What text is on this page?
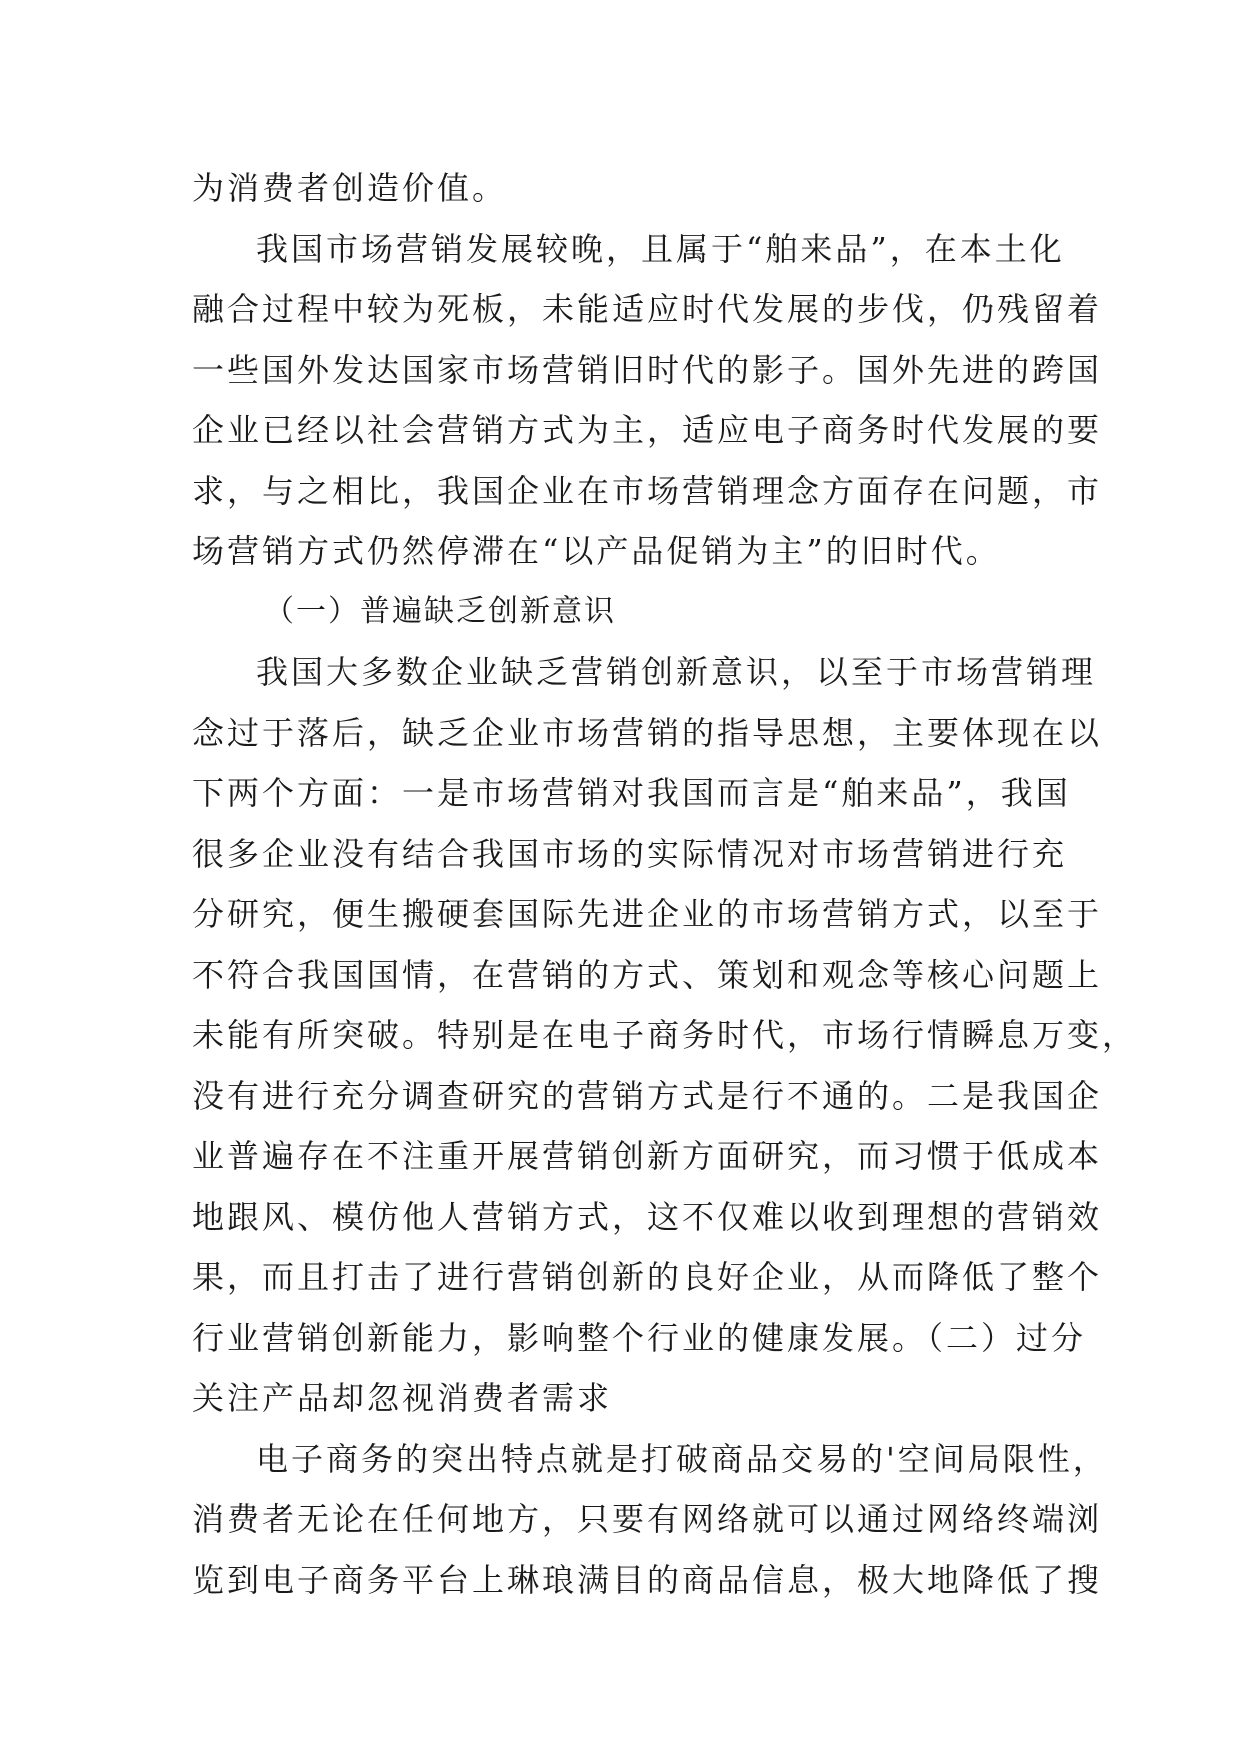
为消费者创造价值。
我国市场营销发展较晚，且属于“舶来品”，在本土化
融合过程中较为死板，未能适应时代发展的步伐，仍残留着
一些国外发达国家市场营销旧时代的影子。国外先进的跨国
企业已经以社会营销方式为主，适应电子商务时代发展的要
求，与之相比，我国企业在市场营销理念方面存在问题，市
场营销方式仍然停滞在“以产品促销为主”的旧时代。
（一）普遍缺乏创新意识
我国大多数企业缺乏营销创新意识，以至于市场营销理
念过于落后，缺乏企业市场营销的指导思想，主要体现在以
下两个方面：一是市场营销对我国而言是“舶来品”，我国
很多企业没有结合我国市场的实际情况对市场营销进行充
分研究，便生搬硬套国际先进企业的市场营销方式，以至于
不符合我国国情，在营销的方式、策划和观念等核心问题上
未能有所突破。特别是在电子商务时代，市场行情瞬息万变，
没有进行充分调查研究的营销方式是行不通的。二是我国企
业普遍存在不注重开展营销创新方面研究，而习惯于低成本
地跟风、模仿他人营销方式，这不仅难以收到理想的营销效
果，而且打击了进行营销创新的良好企业，从而降低了整个
行业营销创新能力，影响整个行业的健康发展。（二）过分
关注产品却忽视消费者需求
电子商务的突出特点就是打破商品交易的'空间局限性，
消费者无论在任何地方，只要有网络就可以通过网络终端浏
览到电子商务平台上琳琅满目的商品信息，极大地降低了搜
